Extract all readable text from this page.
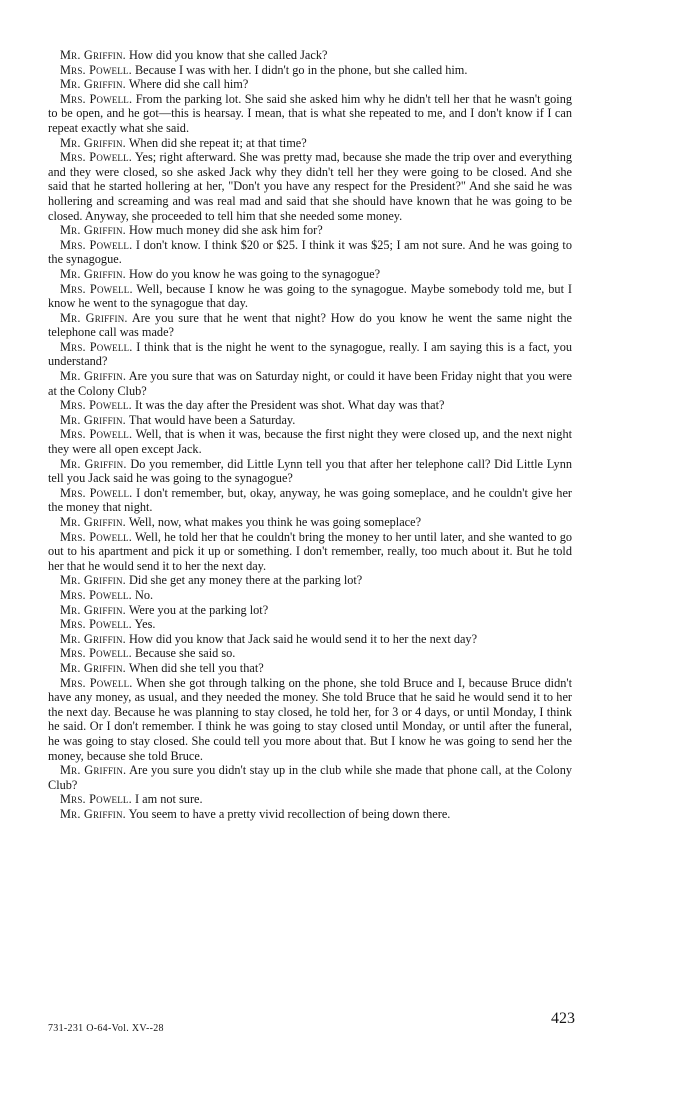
Mr. Griffin. How did you know that she called Jack?

Mrs. Powell. Because I was with her. I didn't go in the phone, but she called him.

Mr. Griffin. Where did she call him?

Mrs. Powell. From the parking lot. She said she asked him why he didn't tell her that he wasn't going to be open, and he got—this is hearsay. I mean, that is what she repeated to me, and I don't know if I can repeat exactly what she said.

Mr. Griffin. When did she repeat it; at that time?

Mrs. Powell. Yes; right afterward. She was pretty mad, because she made the trip over and everything and they were closed, so she asked Jack why they didn't tell her they were going to be closed. And she said that he started hollering at her, "Don't you have any respect for the President?" And she said he was hollering and screaming and was real mad and said that she should have known that he was going to be closed. Anyway, she proceeded to tell him that she needed some money.

Mr. Griffin. How much money did she ask him for?

Mrs. Powell. I don't know. I think $20 or $25. I think it was $25; I am not sure. And he was going to the synagogue.

Mr. Griffin. How do you know he was going to the synagogue?

Mrs. Powell. Well, because I know he was going to the synagogue. Maybe somebody told me, but I know he went to the synagogue that day.

Mr. Griffin. Are you sure that he went that night? How do you know he went the same night the telephone call was made?

Mrs. Powell. I think that is the night he went to the synagogue, really. I am saying this is a fact, you understand?

Mr. Griffin. Are you sure that was on Saturday night, or could it have been Friday night that you were at the Colony Club?

Mrs. Powell. It was the day after the President was shot. What day was that?

Mr. Griffin. That would have been a Saturday.

Mrs. Powell. Well, that is when it was, because the first night they were closed up, and the next night they were all open except Jack.

Mr. Griffin. Do you remember, did Little Lynn tell you that after her telephone call? Did Little Lynn tell you Jack said he was going to the synagogue?

Mrs. Powell. I don't remember, but, okay, anyway, he was going someplace, and he couldn't give her the money that night.

Mr. Griffin. Well, now, what makes you think he was going someplace?

Mrs. Powell. Well, he told her that he couldn't bring the money to her until later, and she wanted to go out to his apartment and pick it up or something. I don't remember, really, too much about it. But he told her that he would send it to her the next day.

Mr. Griffin. Did she get any money there at the parking lot?

Mrs. Powell. No.

Mr. Griffin. Were you at the parking lot?

Mrs. Powell. Yes.

Mr. Griffin. How did you know that Jack said he would send it to her the next day?

Mrs. Powell. Because she said so.

Mr. Griffin. When did she tell you that?

Mrs. Powell. When she got through talking on the phone, she told Bruce and I, because Bruce didn't have any money, as usual, and they needed the money. She told Bruce that he said he would send it to her the next day. Because he was planning to stay closed, he told her, for 3 or 4 days, or until Monday, I think he said. Or I don't remember. I think he was going to stay closed until Monday, or until after the funeral, he was going to stay closed. She could tell you more about that. But I know he was going to send her the money, because she told Bruce.

Mr. Griffin. Are you sure you didn't stay up in the club while she made that phone call, at the Colony Club?

Mrs. Powell. I am not sure.

Mr. Griffin. You seem to have a pretty vivid recollection of being down there.

423
731-231 O-64-Vol. XV--28
